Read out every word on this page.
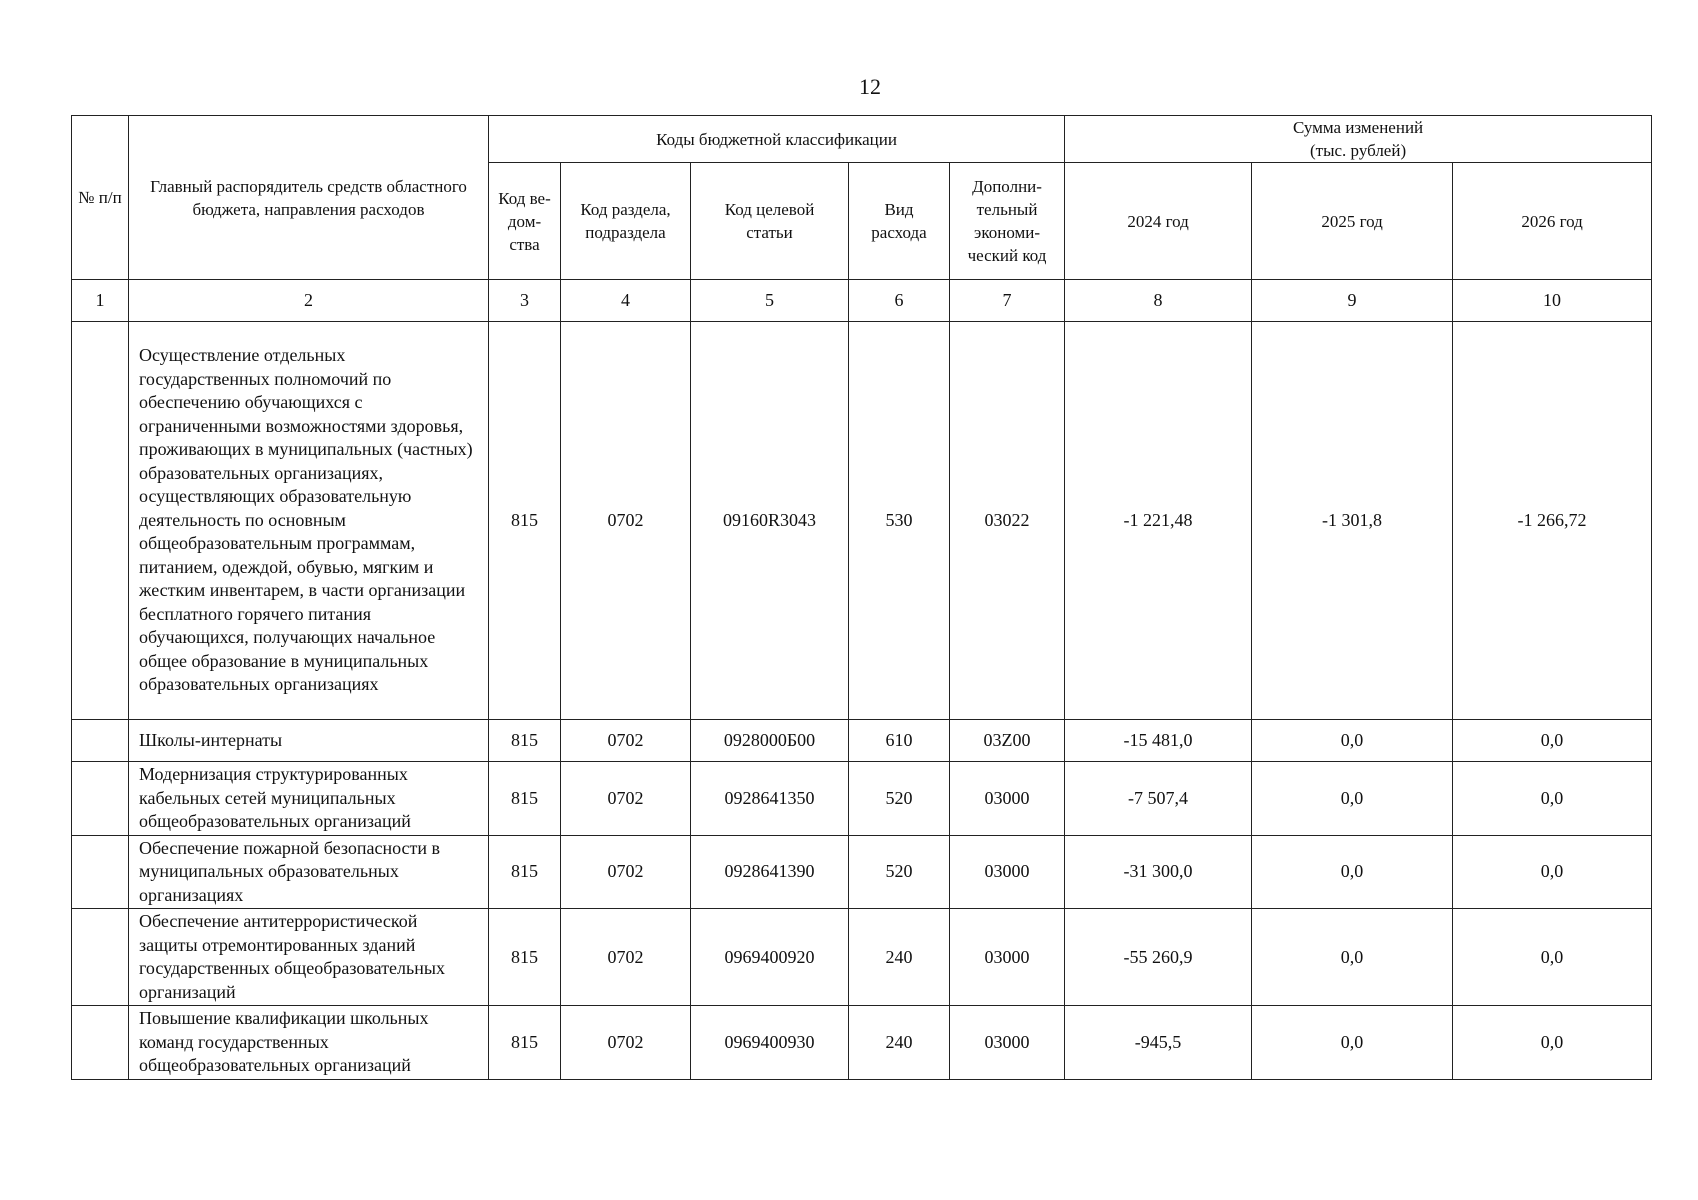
12
№ п/п	Главный распорядитель средств областного бюджета, направления расходов	Коды бюджетной классификации					Сумма изменений
(тыс. рублей)		
		Код ве- дом- ства	Код раздела, подраздела	Код целевой статьи	Вид расхода	Дополни- тельный экономи- ческий код	2024 год	2025 год	2026 год
1	2	3	4	5	6	7	8	9	10
	Осуществление отдельных государственных полномочий по обеспечению обучающихся с ограниченными возможностями здоровья, проживающих в муниципальных (частных) образовательных организациях, осуществляющих образовательную деятельность по основным общеобразовательным программам, питанием, одеждой, обувью, мягким и жестким инвентарем, в части организации бесплатного горячего питания обучающихся, получающих начальное общее образование в муниципальных образовательных организациях	815	0702	09160R3043	530	03022	-1 221,48	-1 301,8	-1 266,72
	Школы-интернаты	815	0702	0928000Б00	610	03Z00	-15 481,0	0,0	0,0
	Модернизация структурированных кабельных сетей муниципальных общеобразовательных организаций	815	0702	0928641350	520	03000	-7 507,4	0,0	0,0
	Обеспечение пожарной безопасности в муниципальных образовательных организациях	815	0702	0928641390	520	03000	-31 300,0	0,0	0,0
	Обеспечение антитеррористической защиты отремонтированных зданий государственных общеобразовательных организаций	815	0702	0969400920	240	03000	-55 260,9	0,0	0,0
	Повышение квалификации школьных команд государственных общеобразовательных организаций	815	0702	0969400930	240	03000	-945,5	0,0	0,0
